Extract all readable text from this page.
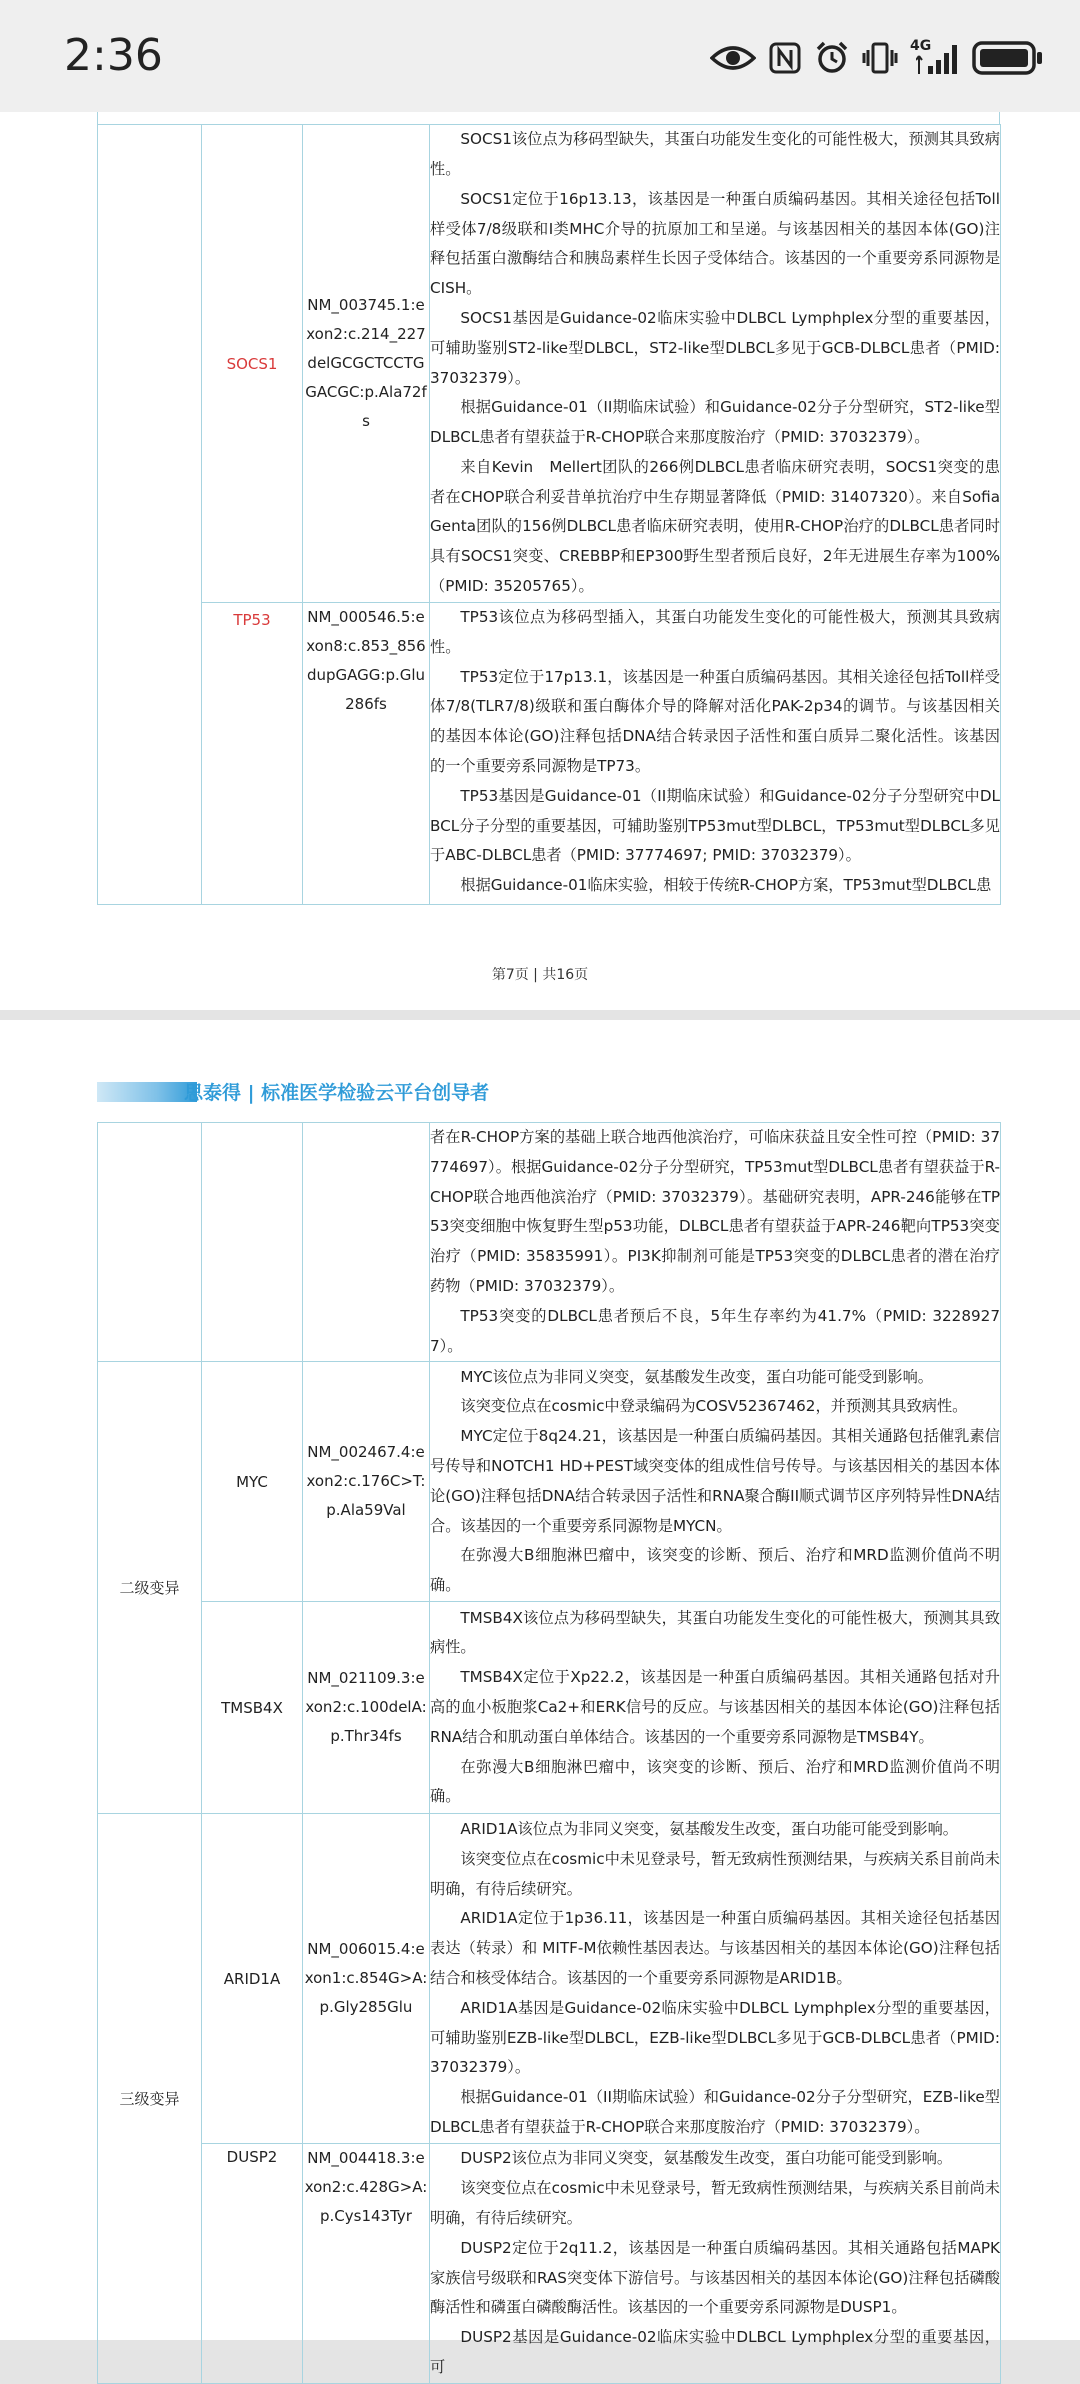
2:36	4G
	SOCS1	NM_003745.1:exon2:c.214_227delGCGCTCCTGGACGC:p.Ala72fs	SOCS1该位点为移码型缺失，其蛋白功能发生变化的可能性极大，预测其具致病性。

SOCS1定位于16p13.13，该基因是一种蛋白质编码基因。其相关途径包括Toll样受体7/8级联和I类MHC介导的抗原加工和呈递。与该基因相关的基因本体(GO)注释包括蛋白激酶结合和胰岛素样生长因子受体结合。该基因的一个重要旁系同源物是CISH。

SOCS1基因是Guidance-02临床实验中DLBCL Lymphplex分型的重要基因，可辅助鉴别ST2-like型DLBCL，ST2-like型DLBCL多见于GCB-DLBCL患者（PMID: 37032379）。

根据Guidance-01（II期临床试验）和Guidance-02分子分型研究，ST2-like型DLBCL患者有望获益于R-CHOP联合来那度胺治疗（PMID: 37032379）。

来自Kevin　Mellert团队的266例DLBCL患者临床研究表明，SOCS1突变的患者在CHOP联合利妥昔单抗治疗中生存期显著降低（PMID: 31407320）。来自Sofia Genta团队的156例DLBCL患者临床研究表明，使用R-CHOP治疗的DLBCL患者同时具有SOCS1突变、CREBBP和EP300野生型者预后良好，2年无进展生存率为100%（PMID: 35205765）。

	TP53	NM_000546.5:exon8:c.853_856dupGAGG:p.Glu286fs	TP53该位点为移码型插入，其蛋白功能发生变化的可能性极大，预测其具致病性。

TP53定位于17p13.1，该基因是一种蛋白质编码基因。其相关途径包括Toll样受体7/8(TLR7/8)级联和蛋白酶体介导的降解对活化PAK-2p34的调节。与该基因相关的基因本体论(GO)注释包括DNA结合转录因子活性和蛋白质异二聚化活性。该基因的一个重要旁系同源物是TP73。

TP53基因是Guidance-01（II期临床试验）和Guidance-02分子分型研究中DLBCL分子分型的重要基因，可辅助鉴别TP53mut型DLBCL，TP53mut型DLBCL多见于ABC-DLBCL患者（PMID: 37774697; PMID: 37032379）。

根据Guidance-01临床实验，相较于传统R-CHOP方案，TP53mut型DLBCL患

第7页 | 共16页
思泰得 | 标准医学检验云平台创导者

			者在R-CHOP方案的基础上联合地西他滨治疗，可临床获益且安全性可控（PMID: 37774697）。根据Guidance-02分子分型研究，TP53mut型DLBCL患者有望获益于R-CHOP联合地西他滨治疗（PMID: 37032379）。基础研究表明，APR-246能够在TP53突变细胞中恢复野生型p53功能，DLBCL患者有望获益于APR-246靶向TP53突变治疗（PMID: 35835991）。PI3K抑制剂可能是TP53突变的DLBCL患者的潜在治疗药物（PMID: 37032379）。

TP53突变的DLBCL患者预后不良，5年生存率约为41.7%（PMID: 32289277）。

二级变异	MYC	NM_002467.4:exon2:c.176C>T:p.Ala59Val	MYC该位点为非同义突变，氨基酸发生改变，蛋白功能可能受到影响。

该突变位点在cosmic中登录编码为COSV52367462，并预测其具致病性。

MYC定位于8q24.21，该基因是一种蛋白质编码基因。其相关通路包括催乳素信号传导和NOTCH1 HD+PEST域突变体的组成性信号传导。与该基因相关的基因本体论(GO)注释包括DNA结合转录因子活性和RNA聚合酶II顺式调节区序列特异性DNA结合。该基因的一个重要旁系同源物是MYCN。

在弥漫大B细胞淋巴瘤中，该突变的诊断、预后、治疗和MRD监测价值尚不明确。

	TMSB4X	NM_021109.3:exon2:c.100delA:p.Thr34fs	TMSB4X该位点为移码型缺失，其蛋白功能发生变化的可能性极大，预测其具致病性。

TMSB4X定位于Xp22.2，该基因是一种蛋白质编码基因。其相关通路包括对升高的血小板胞浆Ca2+和ERK信号的反应。与该基因相关的基因本体论(GO)注释包括RNA结合和肌动蛋白单体结合。该基因的一个重要旁系同源物是TMSB4Y。

在弥漫大B细胞淋巴瘤中，该突变的诊断、预后、治疗和MRD监测价值尚不明确。

三级变异	ARID1A	NM_006015.4:exon1:c.854G>A:p.Gly285Glu	ARID1A该位点为非同义突变，氨基酸发生改变，蛋白功能可能受到影响。

该突变位点在cosmic中未见登录号，暂无致病性预测结果，与疾病关系目前尚未明确，有待后续研究。

ARID1A定位于1p36.11，该基因是一种蛋白质编码基因。其相关途径包括基因表达（转录）和 MITF-M依赖性基因表达。与该基因相关的基因本体论(GO)注释包括结合和核受体结合。该基因的一个重要旁系同源物是ARID1B。

ARID1A基因是Guidance-02临床实验中DLBCL Lymphplex分型的重要基因，可辅助鉴别EZB-like型DLBCL，EZB-like型DLBCL多见于GCB-DLBCL患者（PMID: 37032379）。

根据Guidance-01（II期临床试验）和Guidance-02分子分型研究，EZB-like型DLBCL患者有望获益于R-CHOP联合来那度胺治疗（PMID: 37032379）。

	DUSP2	NM_004418.3:exon2:c.428G>A:p.Cys143Tyr	DUSP2该位点为非同义突变，氨基酸发生改变，蛋白功能可能受到影响。

该突变位点在cosmic中未见登录号，暂无致病性预测结果，与疾病关系目前尚未明确，有待后续研究。

DUSP2定位于2q11.2，该基因是一种蛋白质编码基因。其相关通路包括MAPK家族信号级联和RAS突变体下游信号。与该基因相关的基因本体论(GO)注释包括磷酸酶活性和磷蛋白磷酸酶活性。该基因的一个重要旁系同源物是DUSP1。

DUSP2基因是Guidance-02临床实验中DLBCL Lymphplex分型的重要基因，可
